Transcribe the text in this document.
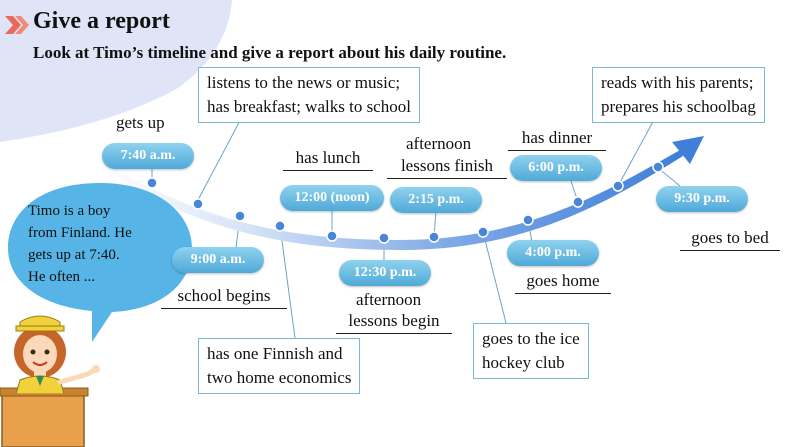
Give a report
Look at Timo’s timeline and give a report about his daily routine.
7:40 a.m.
9:00 a.m.
12:00 (noon)
12:30 p.m.
2:15 p.m.
4:00 p.m.
6:00 p.m.
9:30 p.m.
gets up
has lunch
afternoon
lessons finish
has dinner
school begins	afternoon
lessons begin
goes home
goes to bed
listens to the news or music;
has breakfast; walks to school
reads with his parents;
prepares his schoolbag
has one Finnish and
two home economics
goes to the ice
hockey club
Timo is a boy
from Finland. He
gets up at 7:40.
He often ...
